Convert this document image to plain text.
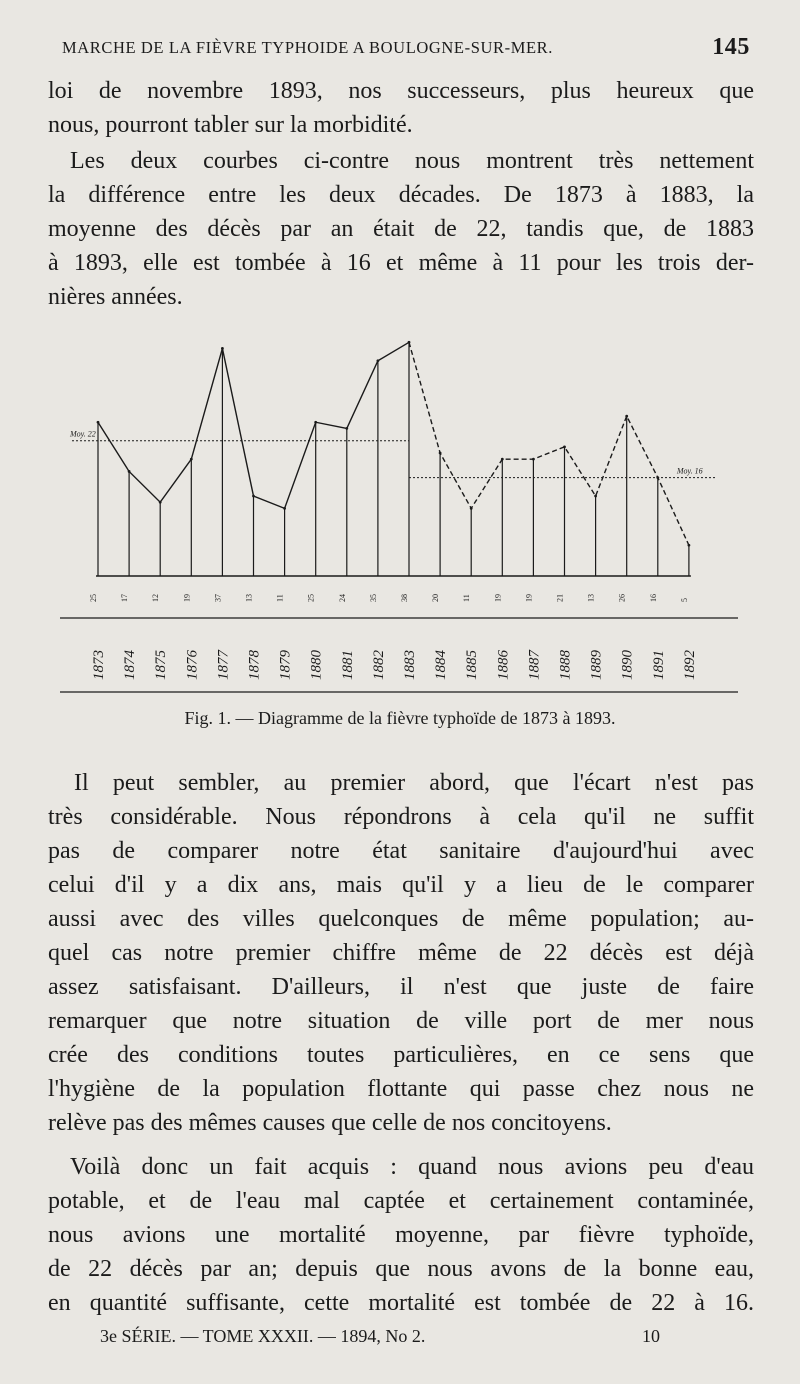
MARCHE DE LA FIÈVRE TYPHOIDE A BOULOGNE-SUR-MER.	145

loi de novembre 1893, nos successeurs, plus heureux que
nous, pourront tabler sur la morbidité.

Les deux courbes ci-contre nous montrent très nettement
la différence entre les deux décades. De 1873 à 1883, la
moyenne des décès par an était de 22, tandis que, de 1883
à 1893, elle est tombée à 16 et même à 11 pour les trois der-
nières années.

Moy. 22
Moy. 16
25	17	12	19	37	13	11	25	24	35	38	20	11	19	19	21	13	26	16	5
1873 1874 1875 1876 1877 1878 1879 1880 1881 1882 1883 1884 1885 1886 1887 1888 1889 1890 1891 1892
Fig. 1. — Diagramme de la fièvre typhoïde de 1873 à 1893.

Il peut sembler, au premier abord, que l'écart n'est pas
très considérable. Nous répondrons à cela qu'il ne suffit
pas de comparer notre état sanitaire d'aujourd'hui avec
celui d'il y a dix ans, mais qu'il y a lieu de le comparer
aussi avec des villes quelconques de même population; au-
quel cas notre premier chiffre même de 22 décès est déjà
assez satisfaisant. D'ailleurs, il n'est que juste de faire
remarquer que notre situation de ville port de mer nous
crée des conditions toutes particulières, en ce sens que
l'hygiène de la population flottante qui passe chez nous ne
relève pas des mêmes causes que celle de nos concitoyens.

Voilà donc un fait acquis : quand nous avions peu d'eau
potable, et de l'eau mal captée et certainement contaminée,
nous avions une mortalité moyenne, par fièvre typhoïde,
de 22 décès par an; depuis que nous avons de la bonne eau,
en quantité suffisante, cette mortalité est tombée de 22 à 16.

3e SÉRIE. — TOME XXXII. — 1894, No 2.	10
